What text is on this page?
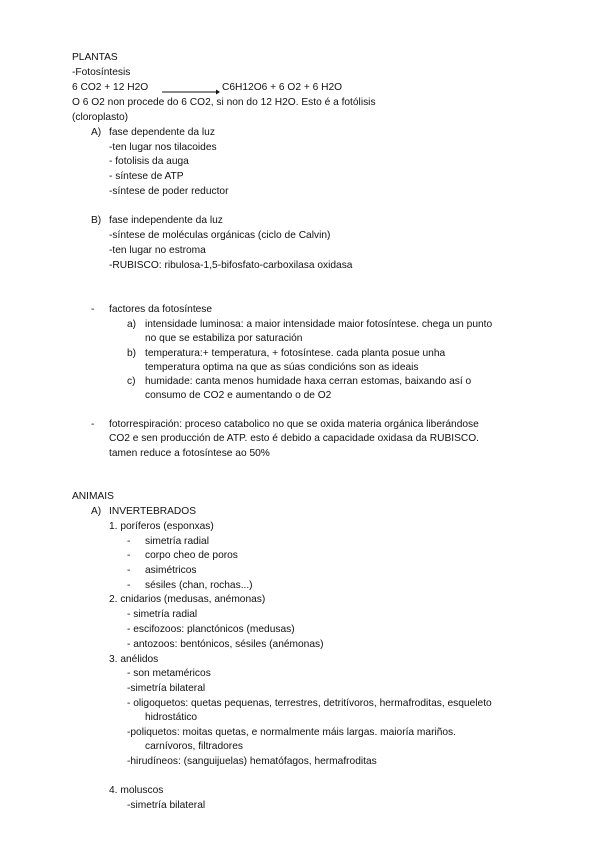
PLANTAS
-Fotosíntesis
6 CO2 + 12 H2O	C6H12O6 + 6 O2 + 6 H2O
O 6 O2 non procede do 6 CO2, si non do 12 H2O. Esto é a fotólisis
(cloroplasto)
A) fase dependente da luz
-ten lugar nos tilacoides
- fotolisis da auga
- síntese de ATP
-síntese de poder reductor
B) fase independente da luz
-síntese de moléculas orgánicas (ciclo de Calvin)
-ten lugar no estroma
-RUBISCO: ribulosa-1,5-bifosfato-carboxilasa oxidasa
- factores da fotosíntese
a) intensidade luminosa: a maior intensidade maior fotosíntese. chega un punto
no que se estabiliza por saturación
b) temperatura:+ temperatura, + fotosíntese. cada planta posue unha
temperatura optima na que as súas condicións son as ideais
c) humidade: canta menos humidade haxa cerran estomas, baixando así o
consumo de CO2 e aumentando o de O2
- fotorrespiración: proceso catabolico no que se oxida materia orgánica liberándose
CO2 e sen producción de ATP. esto é debido a capacidade oxidasa da RUBISCO.
tamen reduce a fotosíntese ao 50%
ANIMAIS
A) INVERTEBRADOS
1. poríferos (esponxas)
- simetría radial
- corpo cheo de poros
- asimétricos
- sésiles (chan, rochas...)
2. cnidarios (medusas, anémonas)
- simetría radial
- escifozoos: planctónicos (medusas)
- antozoos: bentónicos, sésiles (anémonas)
3. anélidos
- son metaméricos
-simetría bilateral
- oligoquetos: quetas pequenas, terrestres, detritívoros, hermafroditas, esqueleto
hidrostático
-poliquetos: moitas quetas, e normalmente máis largas. maioría mariños.
carnívoros, filtradores
-hirudíneos: (sanguijuelas) hematófagos, hermafroditas
4. moluscos
-simetría bilateral
